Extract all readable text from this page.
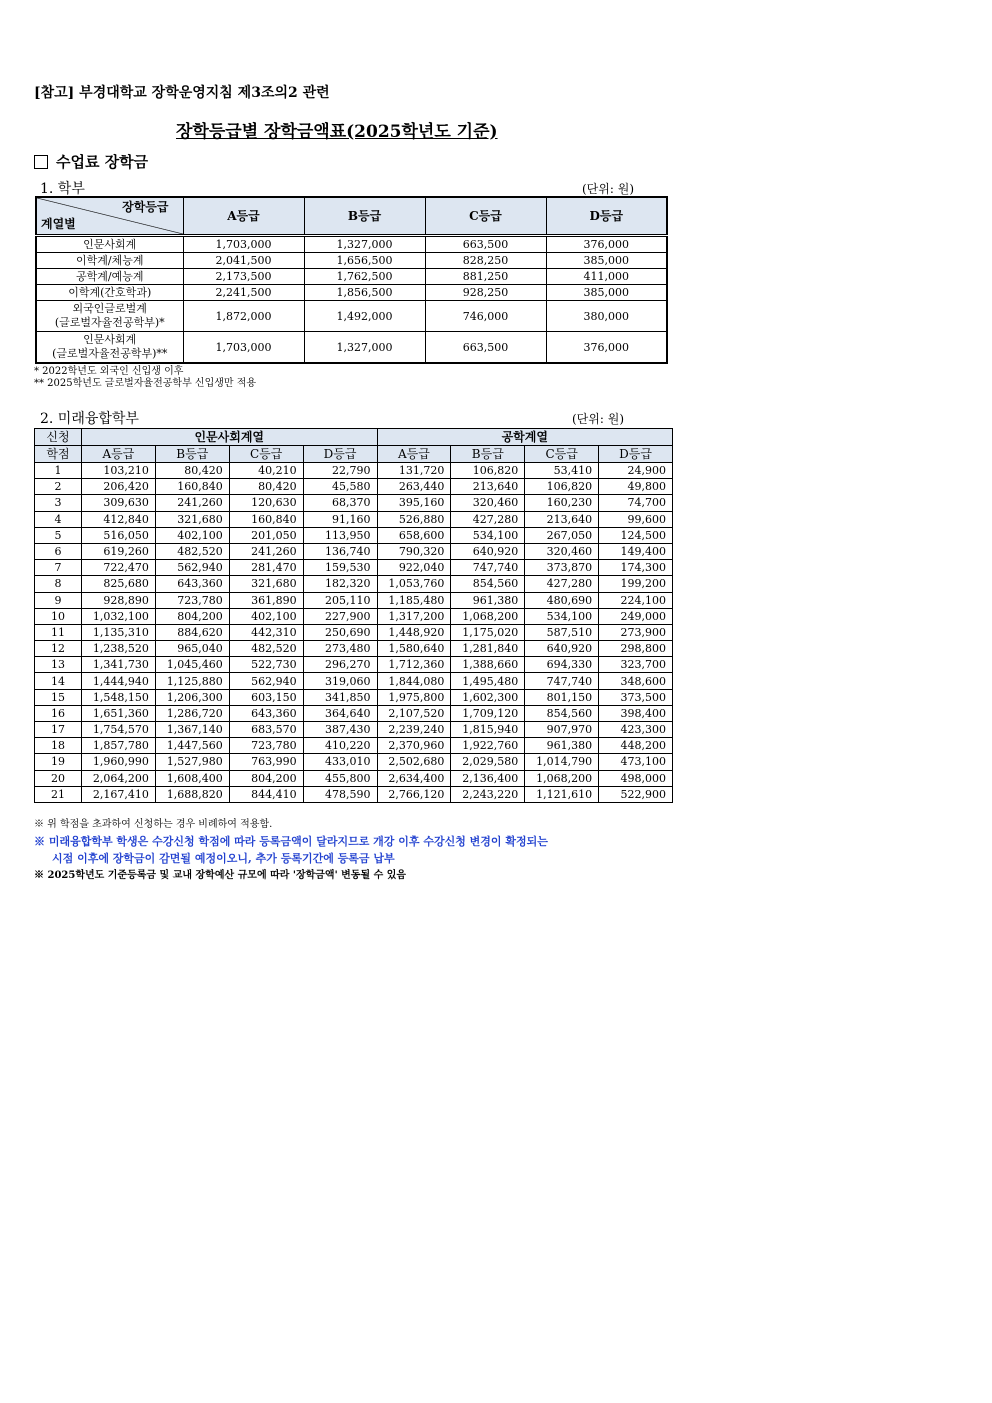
[참고] 부경대학교 장학운영지침 제3조의2 관련
장학등급별 장학금액표(2025학년도 기준)
수업료 장학금
1. 학부	(단위: 원)
장학등급
계열별	A등급	B등급	C등급	D등급
인문사회계	1,703,000	1,327,000	663,500	376,000
이학계/체능계	2,041,500	1,656,500	828,250	385,000
공학계/예능계	2,173,500	1,762,500	881,250	411,000
이학계(간호학과)	2,241,500	1,856,500	928,250	385,000

외국인글로벌계
(글로벌자율전공학부)*	1,872,000	1,492,000	746,000	380,000

인문사회계
(글로벌자율전공학부)**	1,703,000	1,327,000	663,500	376,000
* 2022학년도 외국인 신입생 이후
** 2025학년도 글로벌자율전공학부 신입생만 적용
2. 미래융합학부	(단위: 원)
신청	인문사회계열				공학계열			
학점	A등급	B등급	C등급	D등급	A등급	B등급	C등급	D등급
1	103,210	80,420	40,210	22,790	131,720	106,820	53,410	24,900
2	206,420	160,840	80,420	45,580	263,440	213,640	106,820	49,800
3	309,630	241,260	120,630	68,370	395,160	320,460	160,230	74,700
4	412,840	321,680	160,840	91,160	526,880	427,280	213,640	99,600
5	516,050	402,100	201,050	113,950	658,600	534,100	267,050	124,500
6	619,260	482,520	241,260	136,740	790,320	640,920	320,460	149,400
7	722,470	562,940	281,470	159,530	922,040	747,740	373,870	174,300
8	825,680	643,360	321,680	182,320	1,053,760	854,560	427,280	199,200
9	928,890	723,780	361,890	205,110	1,185,480	961,380	480,690	224,100
10	1,032,100	804,200	402,100	227,900	1,317,200	1,068,200	534,100	249,000
11	1,135,310	884,620	442,310	250,690	1,448,920	1,175,020	587,510	273,900
12	1,238,520	965,040	482,520	273,480	1,580,640	1,281,840	640,920	298,800
13	1,341,730	1,045,460	522,730	296,270	1,712,360	1,388,660	694,330	323,700
14	1,444,940	1,125,880	562,940	319,060	1,844,080	1,495,480	747,740	348,600
15	1,548,150	1,206,300	603,150	341,850	1,975,800	1,602,300	801,150	373,500
16	1,651,360	1,286,720	643,360	364,640	2,107,520	1,709,120	854,560	398,400
17	1,754,570	1,367,140	683,570	387,430	2,239,240	1,815,940	907,970	423,300
18	1,857,780	1,447,560	723,780	410,220	2,370,960	1,922,760	961,380	448,200
19	1,960,990	1,527,980	763,990	433,010	2,502,680	2,029,580	1,014,790	473,100
20	2,064,200	1,608,400	804,200	455,800	2,634,400	2,136,400	1,068,200	498,000
21	2,167,410	1,688,820	844,410	478,590	2,766,120	2,243,220	1,121,610	522,900
※ 위 학점을 초과하여 신청하는 경우 비례하여 적용함.
※ 미래융합학부 학생은 수강신청 학점에 따라 등록금액이 달라지므로 개강 이후 수강신청 변경이 확정되는
시점 이후에 장학금이 감면될 예정이오니, 추가 등록기간에 등록금 납부
※ 2025학년도 기준등록금 및 교내 장학예산 규모에 따라 '장학금액' 변동될 수 있음
